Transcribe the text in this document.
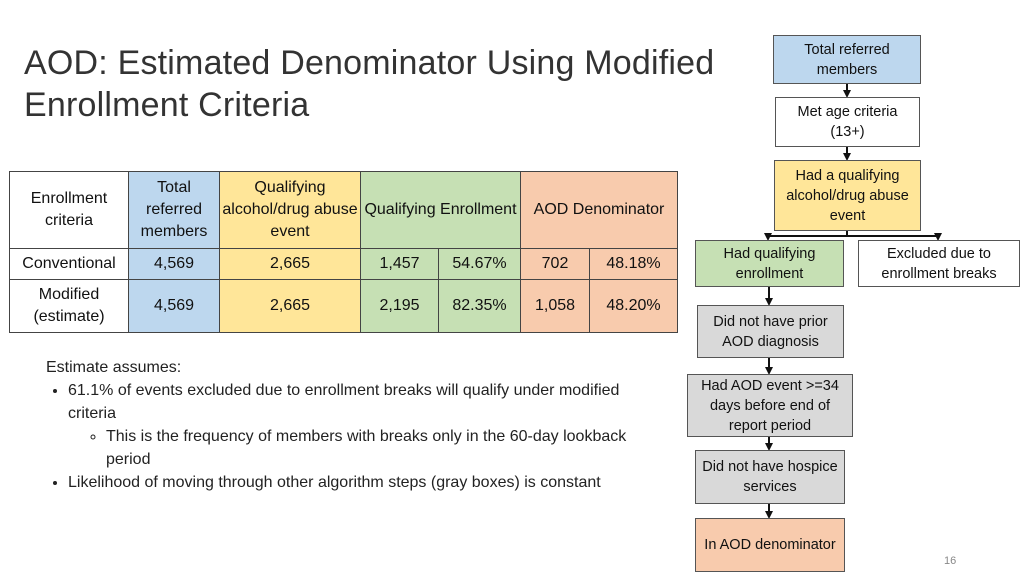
AOD: Estimated Denominator Using Modified Enrollment Criteria
Enrollment criteria	Total referred members	Qualifying alcohol/drug abuse event	Qualifying Enrollment		AOD Denominator	
Conventional	4,569	2,665	1,457	54.67%	702	48.18%
Modified (estimate)	4,569	2,665	2,195	82.35%	1,058	48.20%
Estimate assumes:
• 61.1% of events excluded due to enrollment breaks will qualify under modified criteria
◦ This is the frequency of members with breaks only in the 60-day lookback period
• Likelihood of moving through other algorithm steps (gray boxes) is constant
Total referred members
Met age criteria (13+)
Had a qualifying alcohol/drug abuse event
Had qualifying enrollment
Excluded due to enrollment breaks
Did not have prior AOD diagnosis
Had AOD event >=34 days before end of report period
Did not have hospice services
In AOD denominator
16
